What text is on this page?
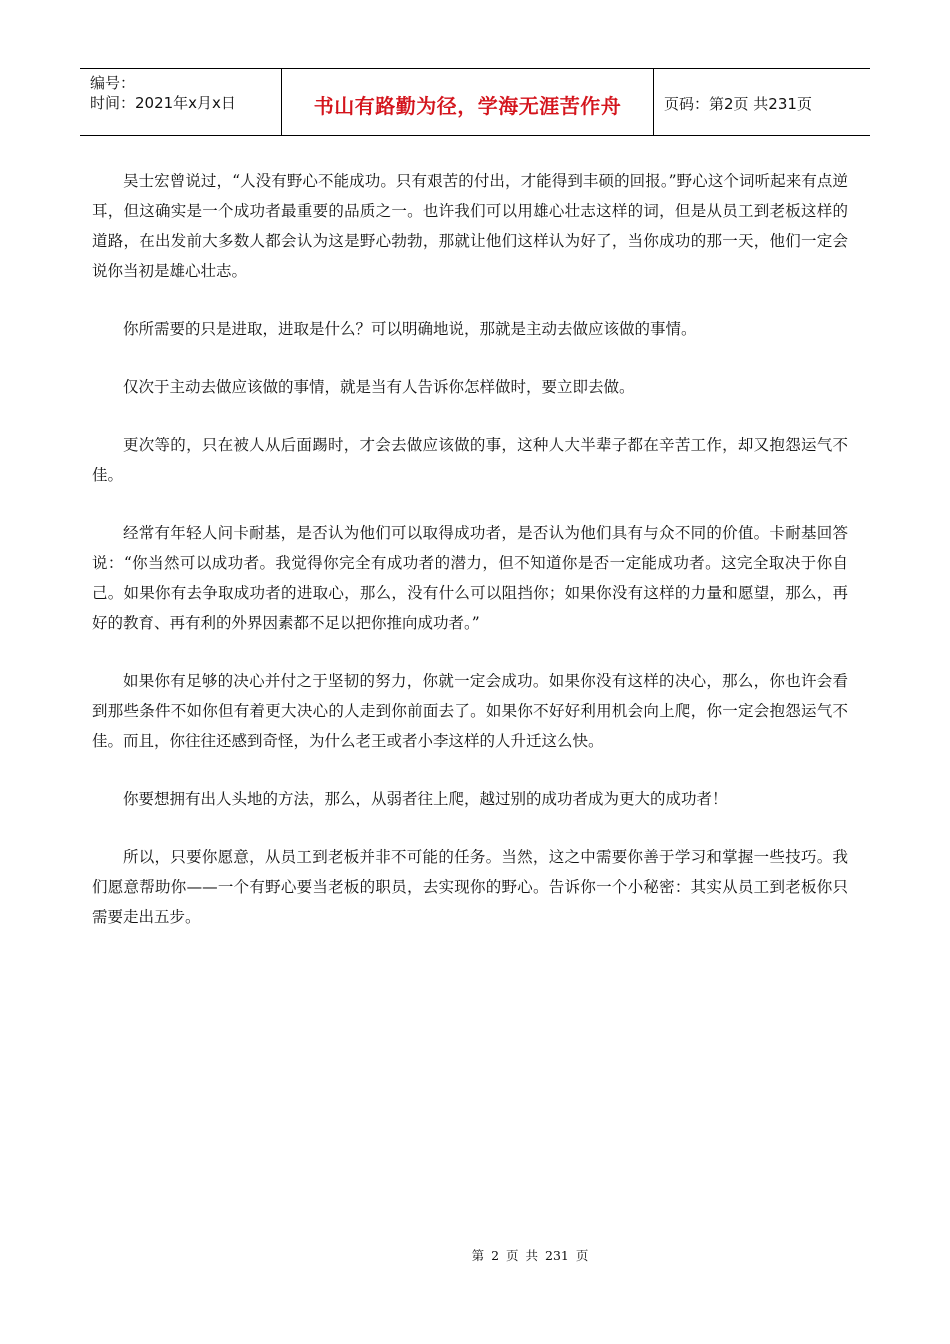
编号：
时间：2021年x月x日	书山有路勤为径，学海无涯苦作舟	页码：第2页 共231页

吴士宏曾说过，“人没有野心不能成功。只有艰苦的付出，才能得到丰硕的回报。”野心这个词听起来有点逆耳，但这确实是一个成功者最重要的品质之一。也许我们可以用雄心壮志这样的词，但是从员工到老板这样的道路，在出发前大多数人都会认为这是野心勃勃，那就让他们这样认为好了，当你成功的那一天，他们一定会说你当初是雄心壮志。

你所需要的只是进取，进取是什么？可以明确地说，那就是主动去做应该做的事情。

仅次于主动去做应该做的事情，就是当有人告诉你怎样做时，要立即去做。

更次等的，只在被人从后面踢时，才会去做应该做的事，这种人大半辈子都在辛苦工作，却又抱怨运气不佳。

经常有年轻人问卡耐基，是否认为他们可以取得成功者，是否认为他们具有与众不同的价值。卡耐基回答说：“你当然可以成功者。我觉得你完全有成功者的潜力，但不知道你是否一定能成功者。这完全取决于你自己。如果你有去争取成功者的进取心，那么，没有什么可以阻挡你；如果你没有这样的力量和愿望，那么，再好的教育、再有利的外界因素都不足以把你推向成功者。”

如果你有足够的决心并付之于坚韧的努力，你就一定会成功。如果你没有这样的决心，那么，你也许会看到那些条件不如你但有着更大决心的人走到你前面去了。如果你不好好利用机会向上爬，你一定会抱怨运气不佳。而且，你往往还感到奇怪，为什么老王或者小李这样的人升迁这么快。

你要想拥有出人头地的方法，那么，从弱者往上爬，越过别的成功者成为更大的成功者！

所以，只要你愿意，从员工到老板并非不可能的任务。当然，这之中需要你善于学习和掌握一些技巧。我们愿意帮助你——一个有野心要当老板的职员，去实现你的野心。告诉你一个小秘密：其实从员工到老板你只需要走出五步。

第 2 页 共 231 页
